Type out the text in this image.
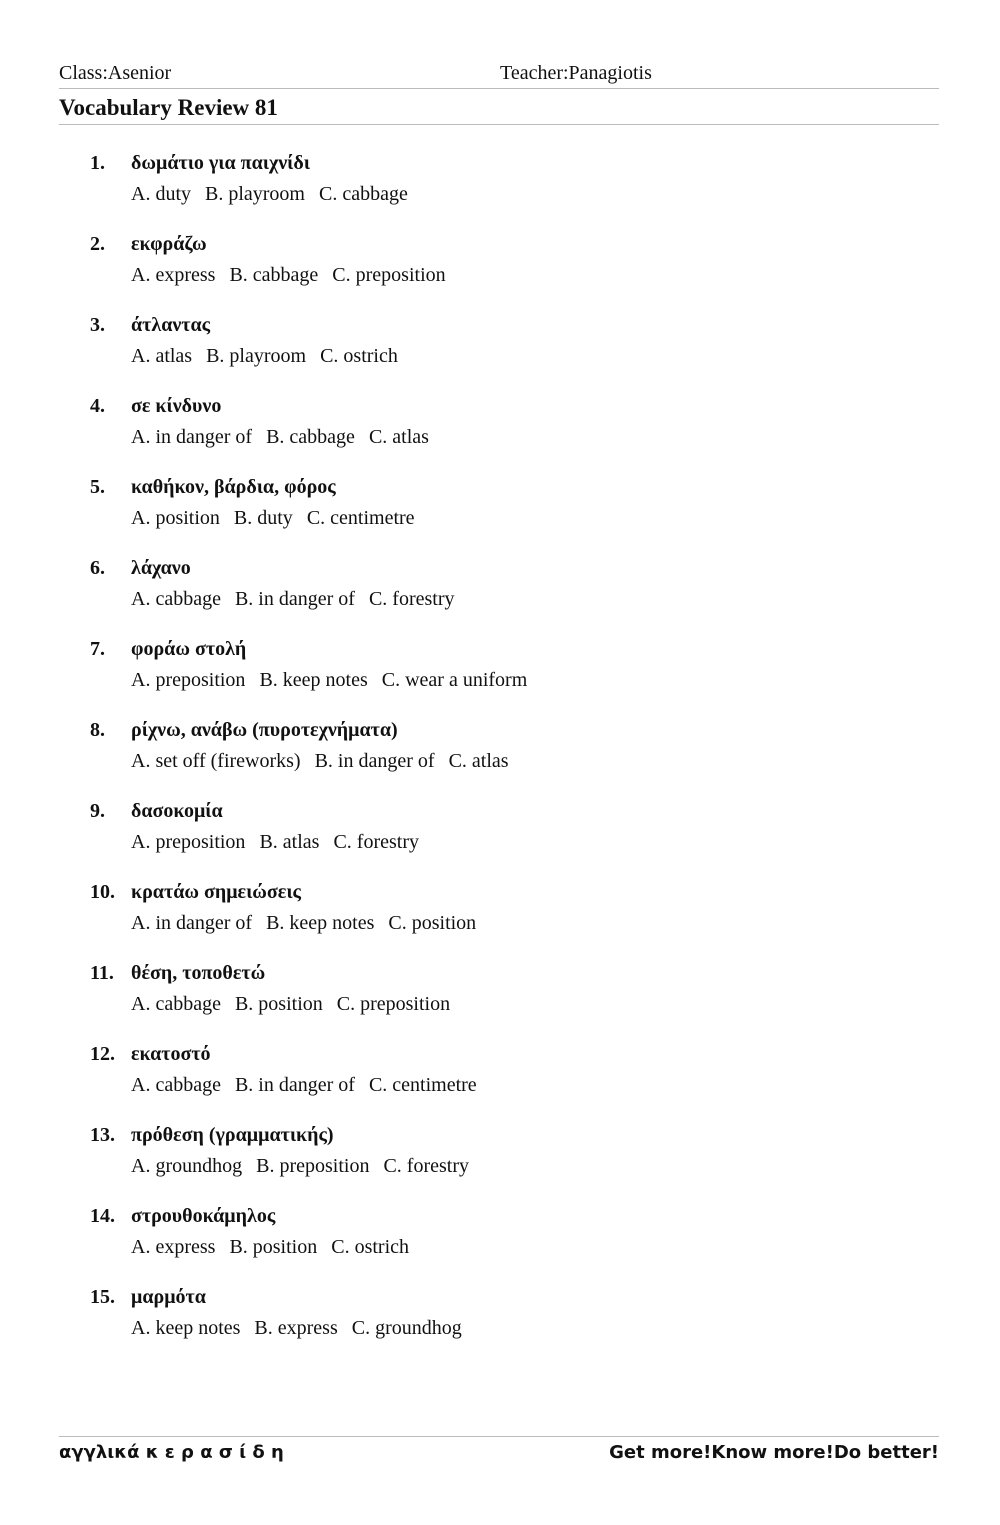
Class:Asenior	Teacher:Panagiotis
Vocabulary Review 81
1. δωμάτιο για παιχνίδι
A. duty B. playroom C. cabbage
2. εκφράζω
A. express B. cabbage C. preposition
3. άτλαντας
A. atlas B. playroom C. ostrich
4. σε κίνδυνο
A. in danger of B. cabbage C. atlas
5. καθήκον, βάρδια, φόρος
A. position B. duty C. centimetre
6. λάχανο
A. cabbage B. in danger of C. forestry
7. φοράω στολή
A. preposition B. keep notes C. wear a uniform
8. ρίχνω, ανάβω (πυροτεχνήματα)
A. set off (fireworks) B. in danger of C. atlas
9. δασοκομία
A. preposition B. atlas C. forestry
10. κρατάω σημειώσεις
A. in danger of B. keep notes C. position
11. θέση, τοποθετώ
A. cabbage B. position C. preposition
12. εκατοστό
A. cabbage B. in danger of C. centimetre
13. πρόθεση (γραμματικής)
A. groundhog B. preposition C. forestry
14. στρουθοκάμηλος
A. express B. position C. ostrich
15. μαρμότα
A. keep notes B. express C. groundhog
αγγλικά κ ε ρ α σ ί δ η	Get more!Know more!Do better!
